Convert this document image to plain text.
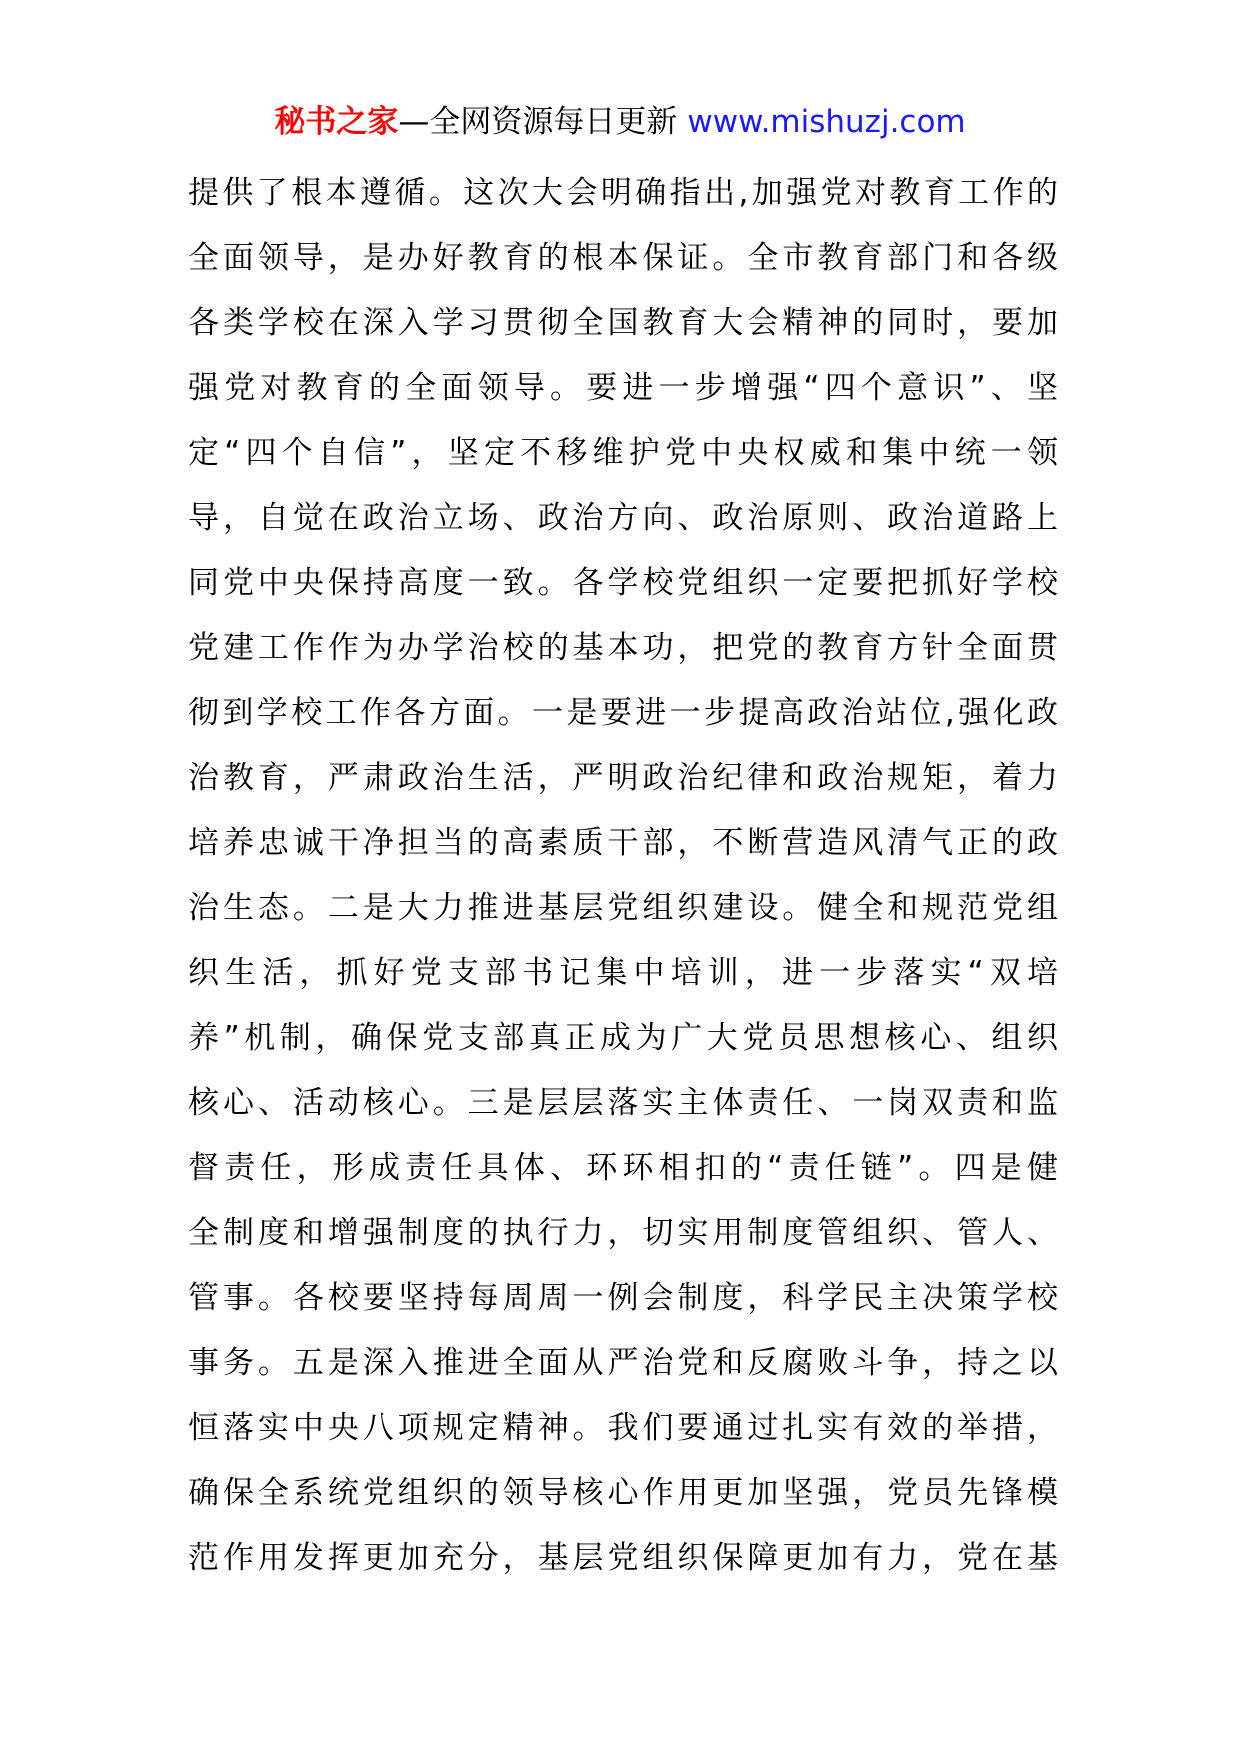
秘书之家—全网资源每日更新 www.mishuzj.com
提供了根本遵循。这次大会明确指出,加强党对教育工作的
全面领导，是办好教育的根本保证。全市教育部门和各级
各类学校在深入学习贯彻全国教育大会精神的同时，要加
强党对教育的全面领导。要进一步增强“四个意识”、坚
定“四个自信”，坚定不移维护党中央权威和集中统一领
导，自觉在政治立场、政治方向、政治原则、政治道路上
同党中央保持高度一致。各学校党组织一定要把抓好学校
党建工作作为办学治校的基本功，把党的教育方针全面贯
彻到学校工作各方面。一是要进一步提高政治站位,强化政
治教育，严肃政治生活，严明政治纪律和政治规矩，着力
培养忠诚干净担当的高素质干部，不断营造风清气正的政
治生态。二是大力推进基层党组织建设。健全和规范党组
织生活，抓好党支部书记集中培训，进一步落实“双培
养”机制，确保党支部真正成为广大党员思想核心、组织
核心、活动核心。三是层层落实主体责任、一岗双责和监
督责任，形成责任具体、环环相扣的“责任链”。四是健
全制度和增强制度的执行力，切实用制度管组织、管人、
管事。各校要坚持每周周一例会制度，科学民主决策学校
事务。五是深入推进全面从严治党和反腐败斗争，持之以
恒落实中央八项规定精神。我们要通过扎实有效的举措，
确保全系统党组织的领导核心作用更加坚强，党员先锋模
范作用发挥更加充分，基层党组织保障更加有力，党在基
